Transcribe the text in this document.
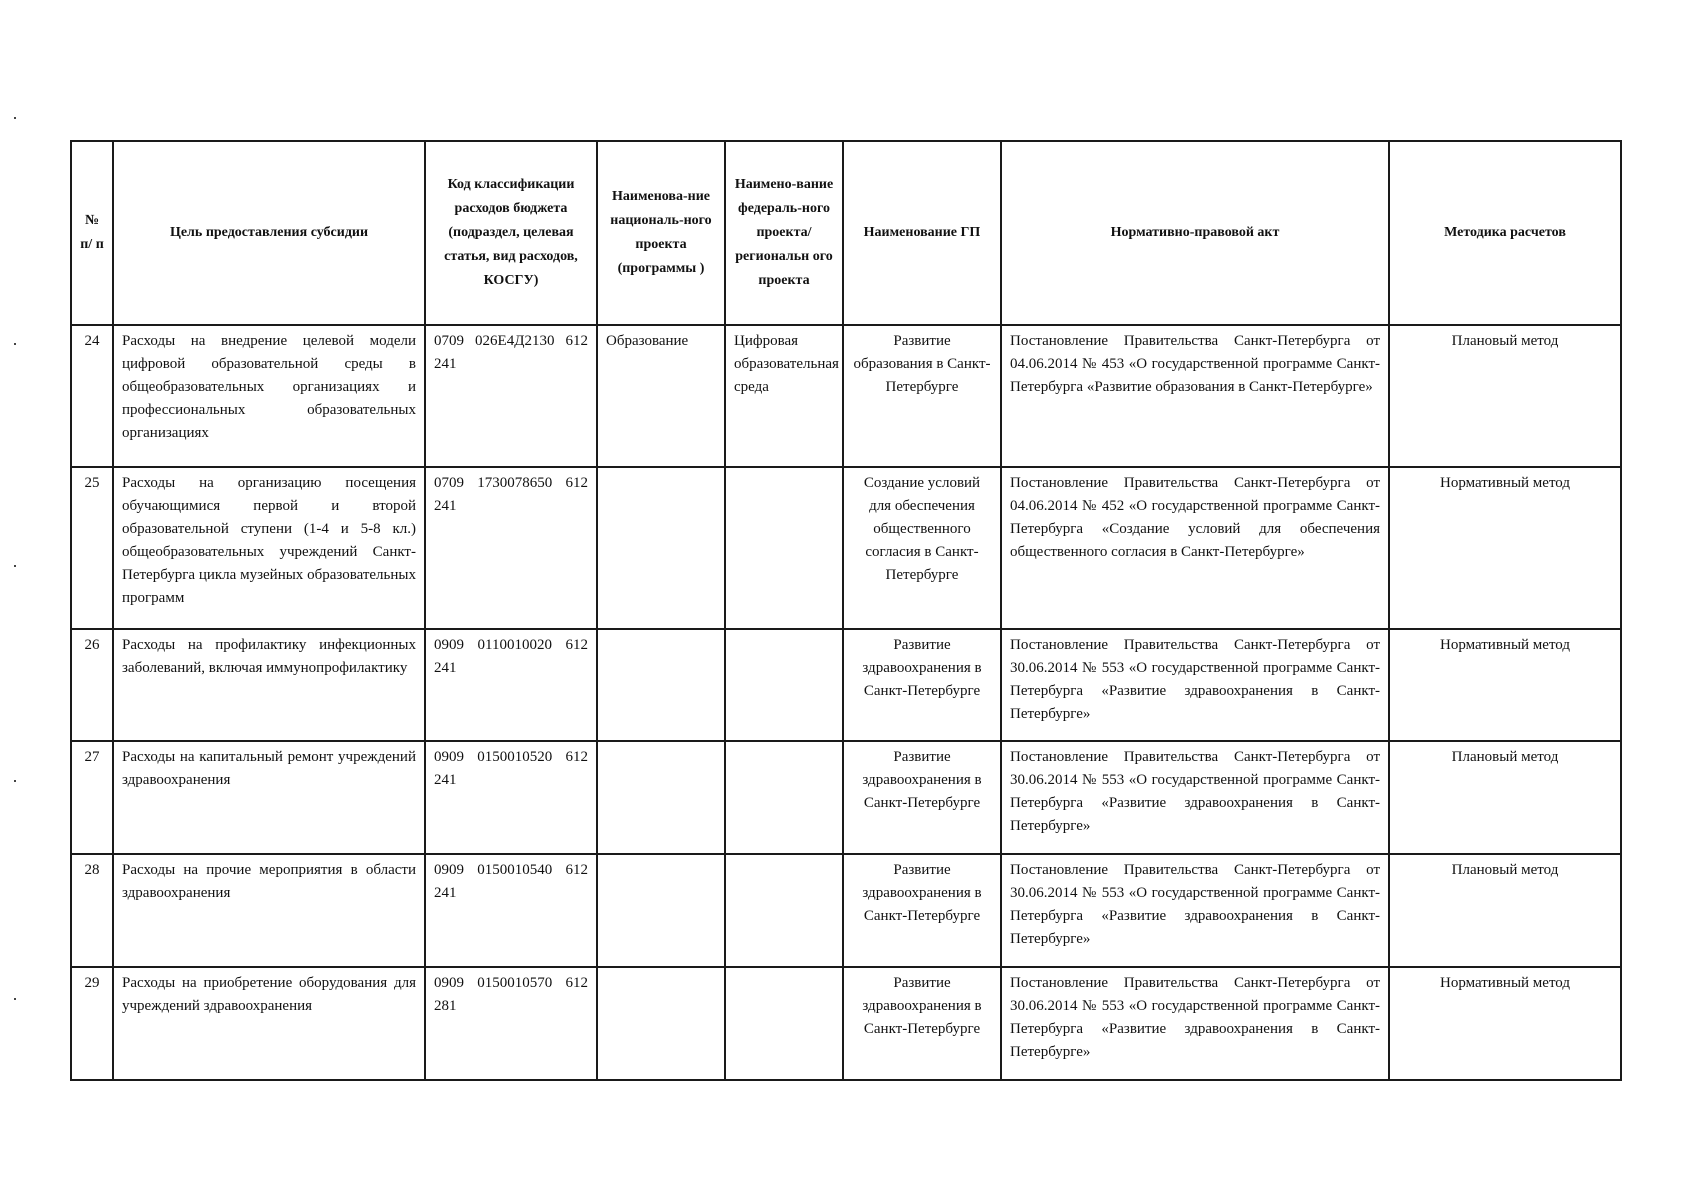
№ п/ п	Цель предоставления субсидии	Код классификации расходов бюджета (подраздел, целевая статья, вид расходов, КОСГУ)	Наименова-ние националь-ного проекта (программы )	Наимено-вание федераль-ного проекта/ региональн ого проекта	Наименование ГП	Нормативно-правовой акт	Методика расчетов
24	Расходы на внедрение целевой модели цифровой образовательной среды в общеобразовательных организациях и профессиональных образовательных организациях	0709 026Е4Д2130 612 241	Образование	Цифровая образовательная среда	Развитие образования в Санкт-Петербурге	Постановление Правительства Санкт-Петербурга от 04.06.2014 № 453 «О государственной программе Санкт-Петербурга «Развитие образования в Санкт-Петербурге»	Плановый метод
25	Расходы на организацию посещения обучающимися первой и второй образовательной ступени (1-4 и 5-8 кл.) общеобразовательных учреждений Санкт-Петербурга цикла музейных образовательных программ	0709 1730078650 612 241			Создание условий для обеспечения общественного согласия в Санкт-Петербурге	Постановление Правительства Санкт-Петербурга от 04.06.2014 № 452 «О государственной программе Санкт-Петербурга «Создание условий для обеспечения общественного согласия в Санкт-Петербурге»	Нормативный метод
26	Расходы на профилактику инфекционных заболеваний, включая иммунопрофилактику	0909 0110010020 612 241			Развитие здравоохранения в Санкт-Петербурге	Постановление Правительства Санкт-Петербурга от 30.06.2014 № 553 «О государственной программе Санкт-Петербурга «Развитие здравоохранения в Санкт-Петербурге»	Нормативный метод
27	Расходы на капитальный ремонт учреждений здравоохранения	0909 0150010520 612 241			Развитие здравоохранения в Санкт-Петербурге	Постановление Правительства Санкт-Петербурга от 30.06.2014 № 553 «О государственной программе Санкт-Петербурга «Развитие здравоохранения в Санкт-Петербурге»	Плановый метод
28	Расходы на прочие мероприятия в области здравоохранения	0909 0150010540 612 241			Развитие здравоохранения в Санкт-Петербурге	Постановление Правительства Санкт-Петербурга от 30.06.2014 № 553 «О государственной программе Санкт-Петербурга «Развитие здравоохранения в Санкт-Петербурге»	Плановый метод
29	Расходы на приобретение оборудования для учреждений здравоохранения	0909 0150010570 612 281			Развитие здравоохранения в Санкт-Петербурге	Постановление Правительства Санкт-Петербурга от 30.06.2014 № 553 «О государственной программе Санкт-Петербурга «Развитие здравоохранения в Санкт-Петербурге»	Нормативный метод
